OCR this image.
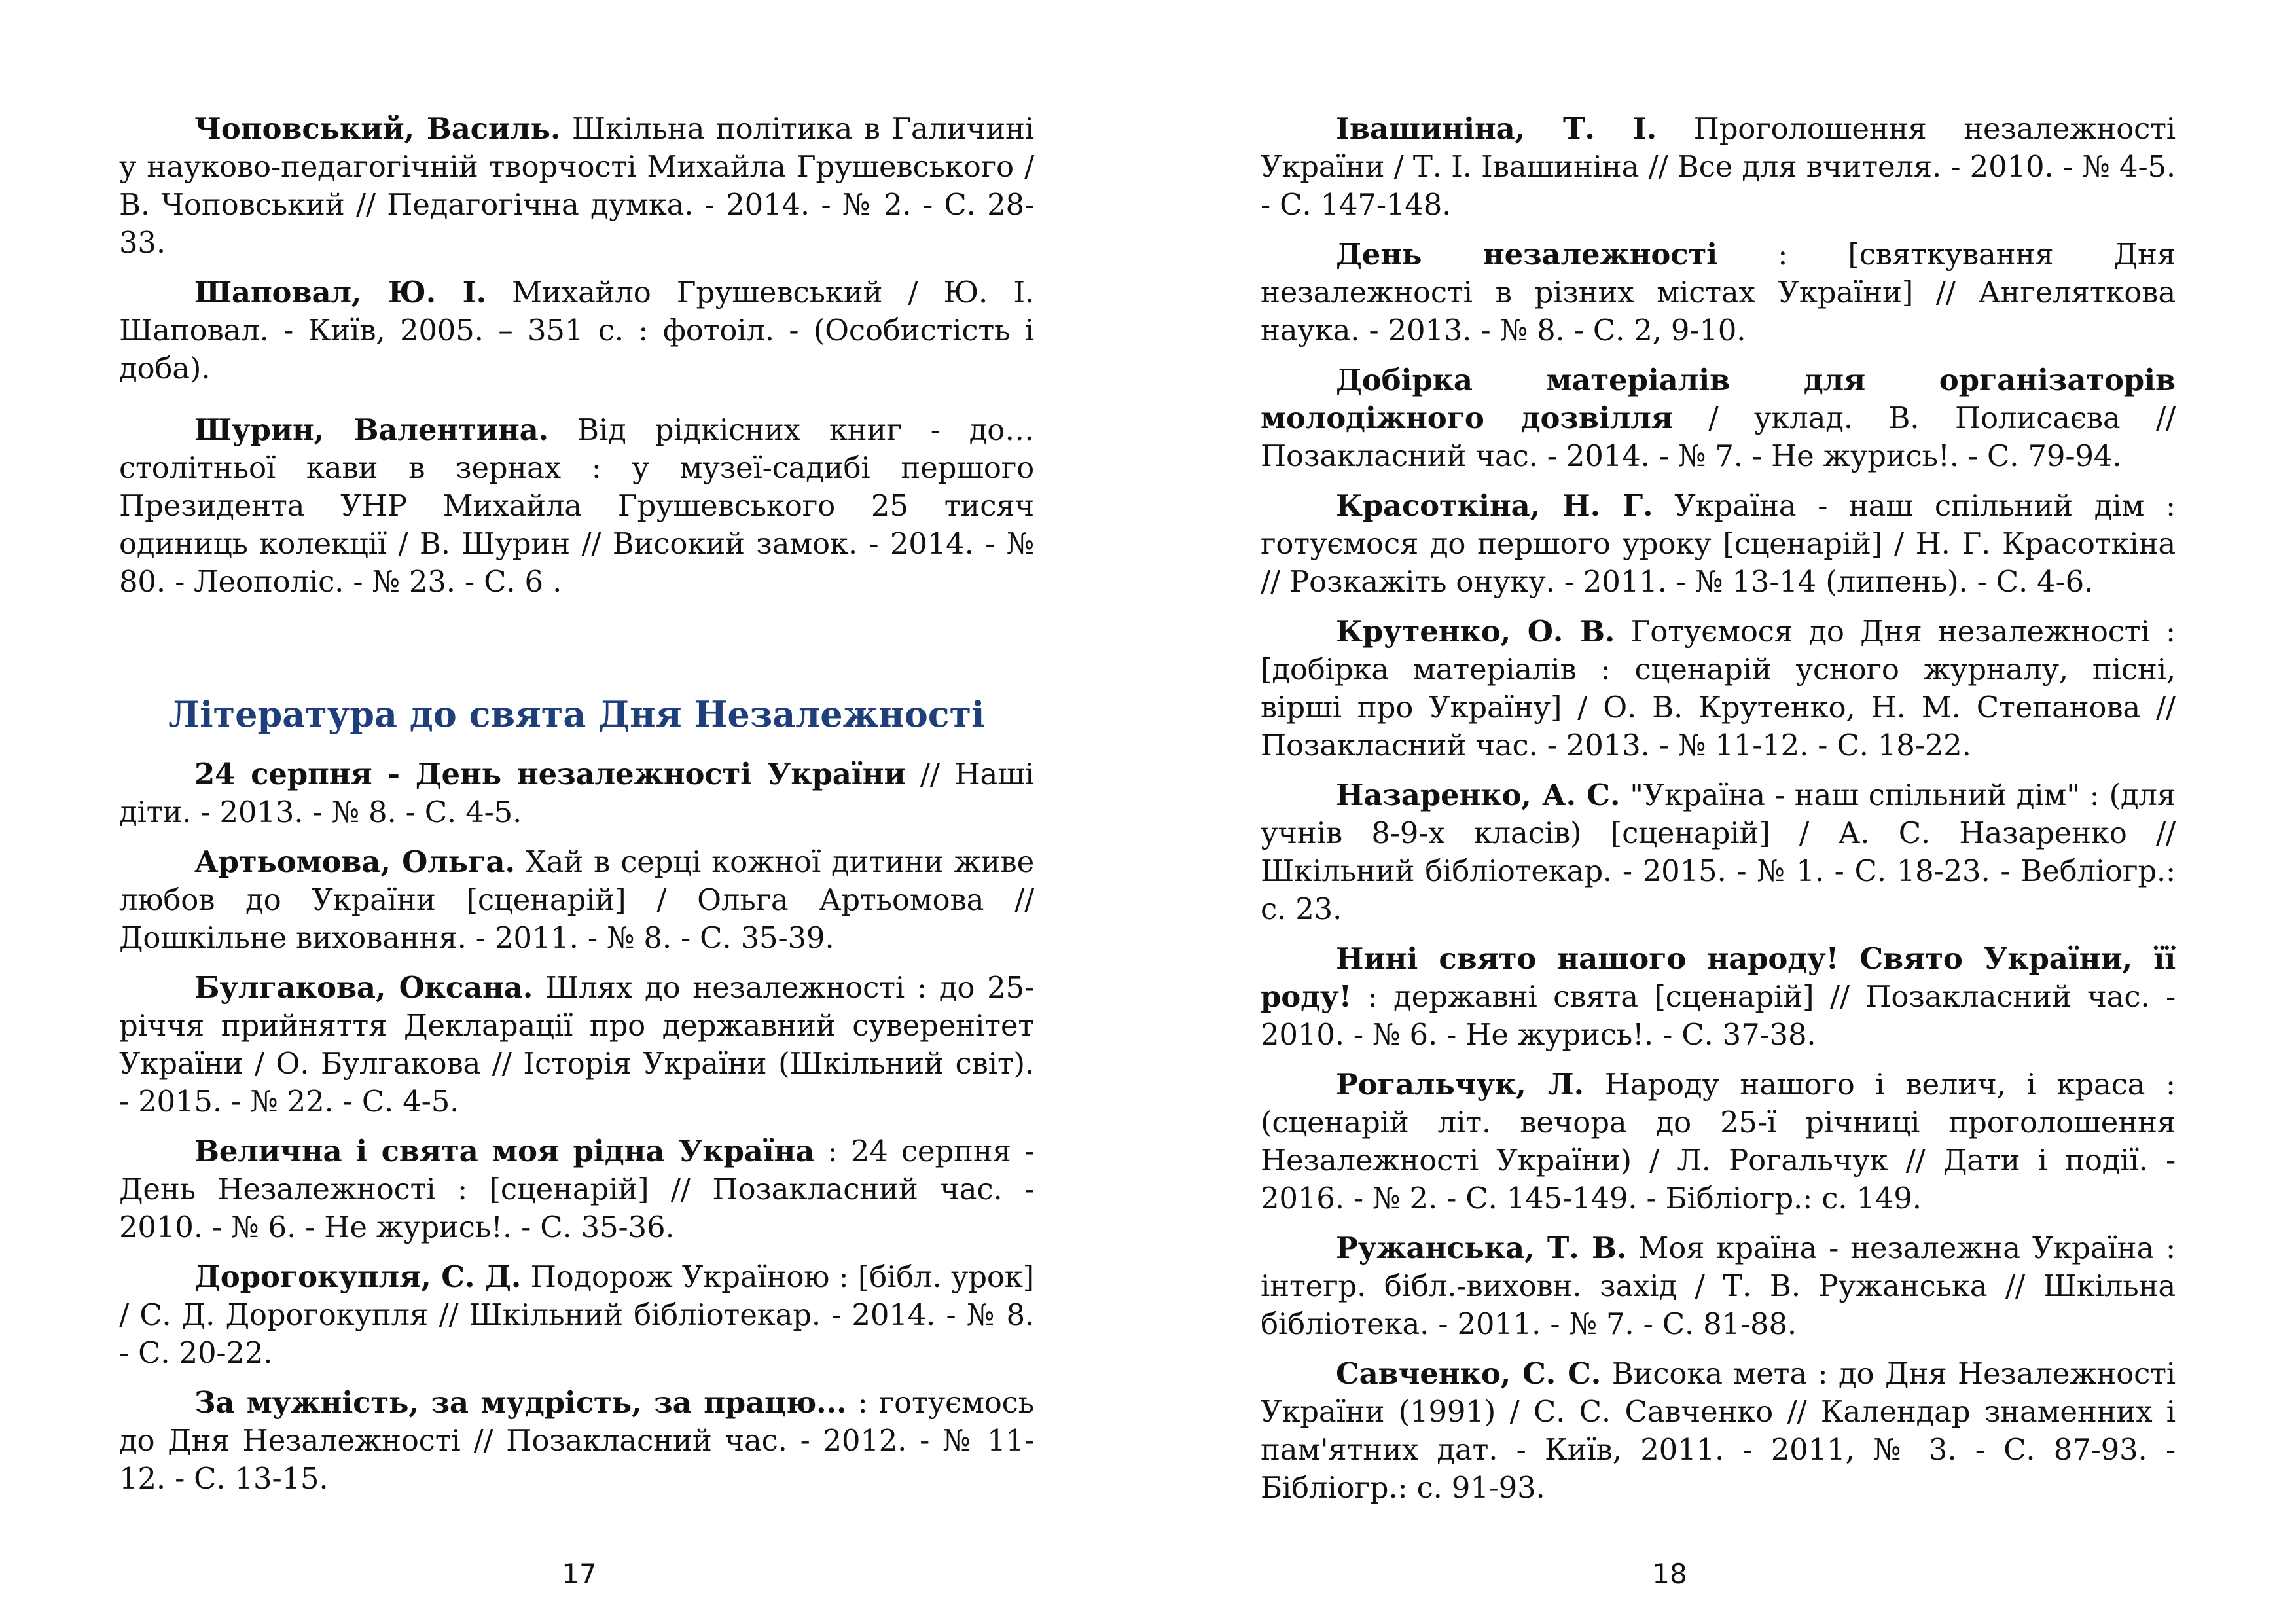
Чоповський, Василь. Шкільна політика в Галичині у науково-педагогічній творчості Михайла Грушевського / В. Чоповський // Педагогічна думка. - 2014. - № 2. - С. 28-33.

Шаповал, Ю. І. Михайло Грушевський / Ю. І. Шаповал. - Київ, 2005. – 351 с. : фотоіл. - (Особистість і доба).

Шурин, Валентина. Від рідкісних книг - до… столітньої кави в зернах : у музеї-садибі першого Президента УНР Михайла Грушевського 25 тисяч одиниць колекції / В. Шурин // Високий замок. - 2014. - № 80. - Леополіс. - № 23. - С. 6 .

Література до свята Дня Незалежності

24 серпня - День незалежності України // Наші діти. - 2013. - № 8. - С. 4-5.

Артьомова, Ольга. Хай в серці кожної дитини живе любов до України [сценарій] / Ольга Артьомова // Дошкільне виховання. - 2011. - № 8. - С. 35-39.

Булгакова, Оксана. Шлях до незалежності : до 25-річчя прийняття Декларації про державний суверенітет України / О. Булгакова // Історія України (Шкільний світ). - 2015. - № 22. - С. 4-5.

Велична і свята моя рідна Україна : 24 серпня - День Незалежності : [сценарій] // Позакласний час. - 2010. - № 6. - Не журись!. - С. 35-36.

Дорогокупля, С. Д. Подорож Україною : [бібл. урок] / С. Д. Дорогокупля // Шкільний бібліотекар. - 2014. - № 8. - С. 20-22.

За мужність, за мудрість, за працю... : готуємось до Дня Незалежності // Позакласний час. - 2012. - № 11-12. - С. 13-15.

17

Івашиніна, Т. І. Проголошення незалежності України / Т. І. Івашиніна // Все для вчителя. - 2010. - № 4-5. - С. 147-148.

День незалежності : [святкування Дня незалежності в різних містах України] // Ангеляткова наука. - 2013. - № 8. - С. 2, 9-10.

Добірка матеріалів для організаторів молодіжного дозвілля / уклад. В. Полисаєва // Позакласний час. - 2014. - № 7. - Не журись!. - С. 79-94.

Красоткіна, Н. Г. Україна - наш спільний дім : готуємося до першого уроку [сценарій] / Н. Г. Красоткіна // Розкажіть онуку. - 2011. - № 13-14 (липень). - С. 4-6.

Крутенко, О. В. Готуємося до Дня незалежності : [добірка матеріалів : сценарій усного журналу, пісні, вірші про Україну] / О. В. Крутенко, Н. М. Степанова // Позакласний час. - 2013. - № 11-12. - С. 18-22.

Назаренко, А. С. "Україна - наш спільний дім" : (для учнів 8-9-х класів) [сценарій] / А. С. Назаренко // Шкільний бібліотекар. - 2015. - № 1. - С. 18-23. - Вебліогр.: с. 23.

Нині свято нашого народу! Свято України, її роду! : державні свята [сценарій] // Позакласний час. - 2010. - № 6. - Не журись!. - С. 37-38.

Рогальчук, Л. Народу нашого і велич, і краса : (сценарій літ. вечора до 25-ї річниці проголошення Незалежності України) / Л. Рогальчук // Дати і події. - 2016. - № 2. - С. 145-149. - Бібліогр.: с. 149.

Ружанська, Т. В. Моя країна - незалежна Україна : інтегр. бібл.-виховн. захід / Т. В. Ружанська // Шкільна бібліотека. - 2011. - № 7. - С. 81-88.

Савченко, С. С. Висока мета : до Дня Незалежності України (1991) / С. С. Савченко // Календар знаменних і пам'ятних дат. - Київ, 2011. - 2011, № 3. - С. 87-93. - Бібліогр.: с. 91-93.

18
